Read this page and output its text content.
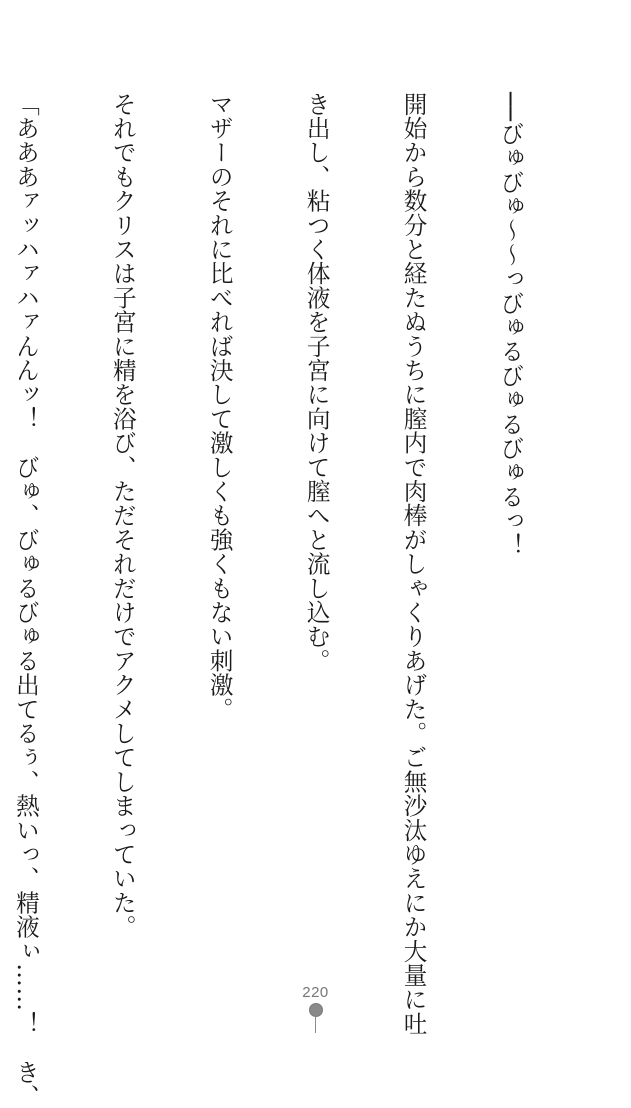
──びゅびゅ～～っびゅるびゅるびゅるっ！

開始から数分と経たぬうちに膣内で肉棒がしゃくりあげた。ご無沙汰ゆえにか大量に吐

き出し、粘つく体液を子宮に向けて膣へと流し込む。

マザーのそれに比べれば決して激しくも強くもない刺激。

それでもクリスは子宮に精を浴び、ただそれだけでアクメしてしまっていた。

「あああァッハァハァんんッ！　びゅ、びゅるびゅる出てるぅ、熱いっ、精液ぃ……！　き、

	220
